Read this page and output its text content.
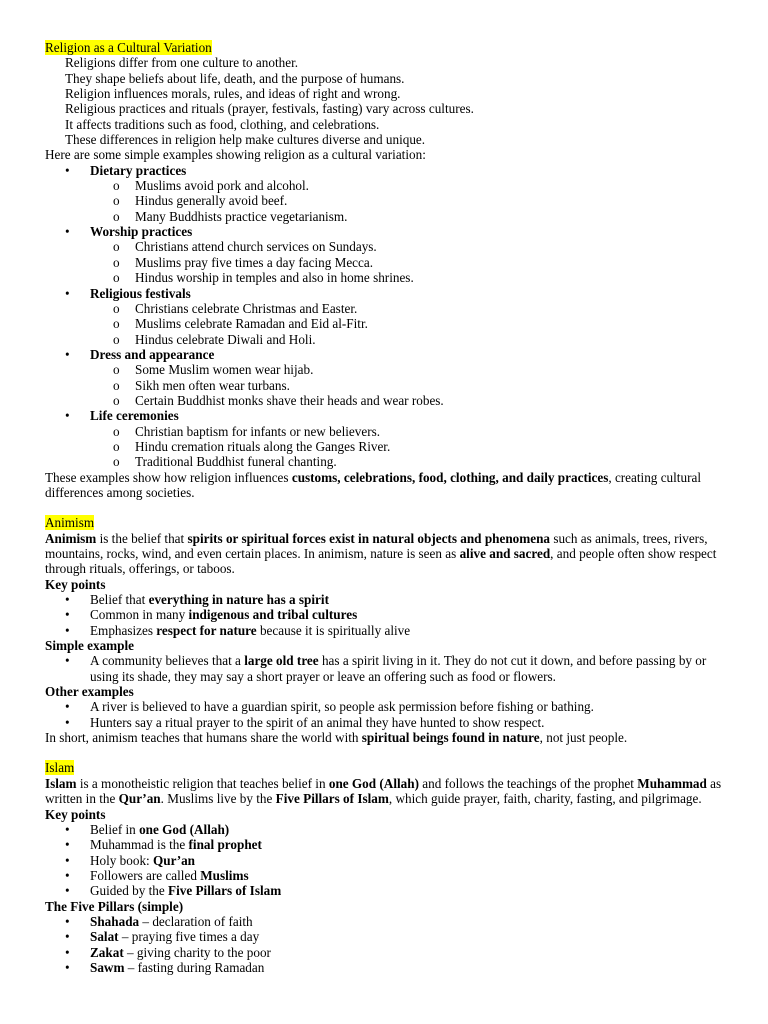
Religion as a Cultural Variation

Religions differ from one culture to another.

They shape beliefs about life, death, and the purpose of humans.

Religion influences morals, rules, and ideas of right and wrong.

Religious practices and rituals (prayer, festivals, fasting) vary across cultures.

It affects traditions such as food, clothing, and celebrations.

These differences in religion help make cultures diverse and unique.

Here are some simple examples showing religion as a cultural variation:

• Dietary practices
o Muslims avoid pork and alcohol.
o Hindus generally avoid beef.
o Many Buddhists practice vegetarianism.
• Worship practices
o Christians attend church services on Sundays.
o Muslims pray five times a day facing Mecca.
o Hindus worship in temples and also in home shrines.
• Religious festivals
o Christians celebrate Christmas and Easter.
o Muslims celebrate Ramadan and Eid al-Fitr.
o Hindus celebrate Diwali and Holi.
• Dress and appearance
o Some Muslim women wear hijab.
o Sikh men often wear turbans.
o Certain Buddhist monks shave their heads and wear robes.
• Life ceremonies
o Christian baptism for infants or new believers.
o Hindu cremation rituals along the Ganges River.
o Traditional Buddhist funeral chanting.

These examples show how religion influences customs, celebrations, food, clothing, and daily practices, creating cultural differences among societies.

Animism

Animism is the belief that spirits or spiritual forces exist in natural objects and phenomena such as animals, trees, rivers, mountains, rocks, wind, and even certain places. In animism, nature is seen as alive and sacred, and people often show respect through rituals, offerings, or taboos.

Key points

• Belief that everything in nature has a spirit
• Common in many indigenous and tribal cultures
• Emphasizes respect for nature because it is spiritually alive

Simple example

• A community believes that a large old tree has a spirit living in it. They do not cut it down, and before passing by or using its shade, they may say a short prayer or leave an offering such as food or flowers.

Other examples

• A river is believed to have a guardian spirit, so people ask permission before fishing or bathing.
• Hunters say a ritual prayer to the spirit of an animal they have hunted to show respect.

In short, animism teaches that humans share the world with spiritual beings found in nature, not just people.

Islam

Islam is a monotheistic religion that teaches belief in one God (Allah) and follows the teachings of the prophet Muhammad as written in the Qur’an. Muslims live by the Five Pillars of Islam, which guide prayer, faith, charity, fasting, and pilgrimage.

Key points

• Belief in one God (Allah)
• Muhammad is the final prophet
• Holy book: Qur’an
• Followers are called Muslims
• Guided by the Five Pillars of Islam

The Five Pillars (simple)

• Shahada – declaration of faith
• Salat – praying five times a day
• Zakat – giving charity to the poor
• Sawm – fasting during Ramadan
